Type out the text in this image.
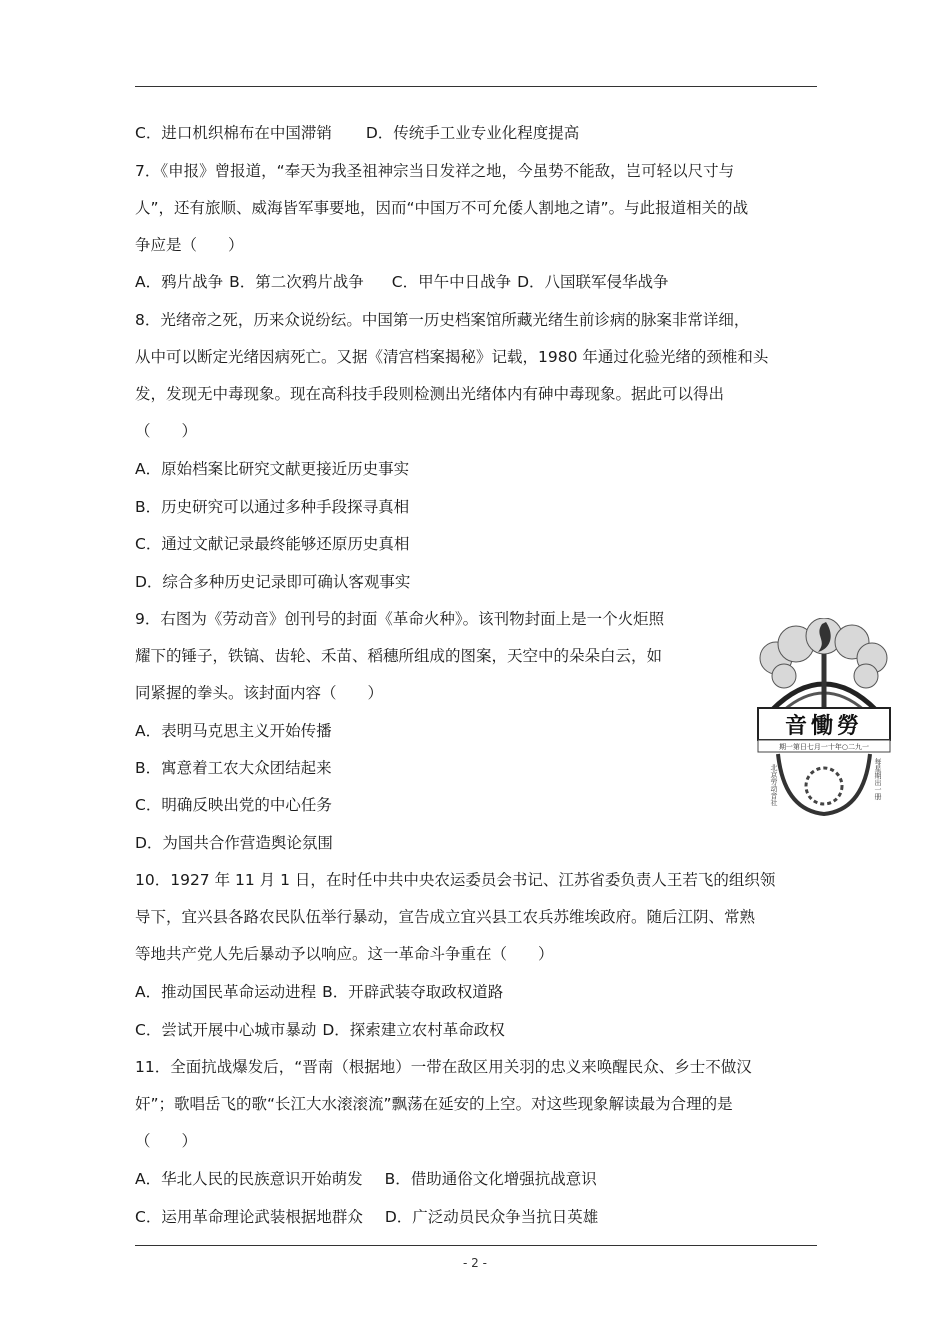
C．进口机织棉布在中国滞销 D．传统手工业专业化程度提高
7．《申报》曾报道，“奉天为我圣祖神宗当日发祥之地，今虽势不能敌，岂可轻以尺寸与
人”，还有旅顺、威海皆军事要地，因而“中国万不可允倭人割地之请”。与此报道相关的战
争应是（　　）
A．鸦片战争 B．第二次鸦片战争 C．甲午中日战争 D．八国联军侵华战争
8．光绪帝之死，历来众说纷纭。中国第一历史档案馆所藏光绪生前诊病的脉案非常详细，
从中可以断定光绪因病死亡。又据《清宫档案揭秘》记载，1980 年通过化验光绪的颈椎和头
发，发现无中毒现象。现在高科技手段则检测出光绪体内有砷中毒现象。据此可以得出
（　　）
A．原始档案比研究文献更接近历史事实
B．历史研究可以通过多种手段探寻真相
C．通过文献记录最终能够还原历史真相
D．综合多种历史记录即可确认客观事实
9．右图为《劳动音》创刊号的封面《革命火种》。该刊物封面上是一个火炬照
耀下的锤子，铁镐、齿轮、禾苗、稻穗所组成的图案，天空中的朵朵白云，如
同紧握的拳头。该封面内容（　　）
A．表明马克思主义开始传播
B．寓意着工农大众团结起来
C．明确反映出党的中心任务
D．为国共合作营造舆论氛围
音慟勞
期一第日七月一十年○二九一
北京劳动音社	每星期出一册
10．1927 年 11 月 1 日，在时任中共中央农运委员会书记、江苏省委负责人王若飞的组织领
导下，宜兴县各路农民队伍举行暴动，宣告成立宜兴县工农兵苏维埃政府。随后江阴、常熟
等地共产党人先后暴动予以响应。这一革命斗争重在（　　）
A．推动国民革命运动进程 B．开辟武装夺取政权道路
C．尝试开展中心城市暴动 D．探索建立农村革命政权
11．全面抗战爆发后，“晋南（根据地）一带在敌区用关羽的忠义来唤醒民众、乡士不做汉
奸”；歌唱岳飞的歌“长江大水滚滚流”飘荡在延安的上空。对这些现象解读最为合理的是
（　　）
A．华北人民的民族意识开始萌发 B．借助通俗文化增强抗战意识
C．运用革命理论武装根据地群众 D．广泛动员民众争当抗日英雄
- 2 -
